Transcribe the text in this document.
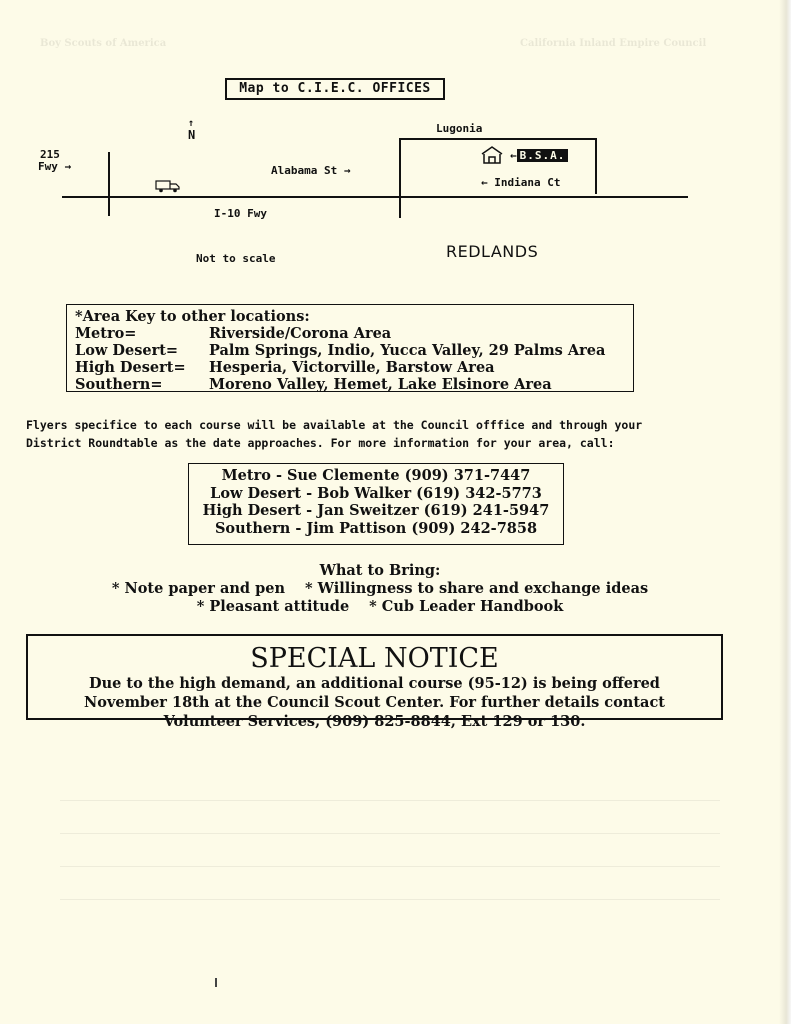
California Inland Empire Council
Boy Scouts of America
Map to C.I.E.C. OFFICES
↑
N
215
Fwy →
Lugonia
Alabama St →
← B.S.A.
← Indiana Ct
I-10 Fwy
Not to scale	REDLANDS
*Area Key to other locations:
Metro=	Riverside/Corona Area
Low Desert=	Palm Springs, Indio, Yucca Valley, 29 Palms Area
High Desert=	Hesperia, Victorville, Barstow Area
Southern=	Moreno Valley, Hemet, Lake Elsinore Area
Flyers specifice to each course will be available at the Council offfice and through your
District Roundtable as the date approaches. For more information for your area, call:
Metro - Sue Clemente (909) 371-7447
Low Desert - Bob Walker (619) 342-5773
High Desert - Jan Sweitzer (619) 241-5947
Southern - Jim Pattison (909) 242-7858
What to Bring:
* Note paper and pen * Willingness to share and exchange ideas
* Pleasant attitude * Cub Leader Handbook
SPECIAL NOTICE
Due to the high demand, an additional course (95-12) is being offered
November 18th at the Council Scout Center. For further details contact
Volunteer Services, (909) 825-8844, Ext 129 or 130.
